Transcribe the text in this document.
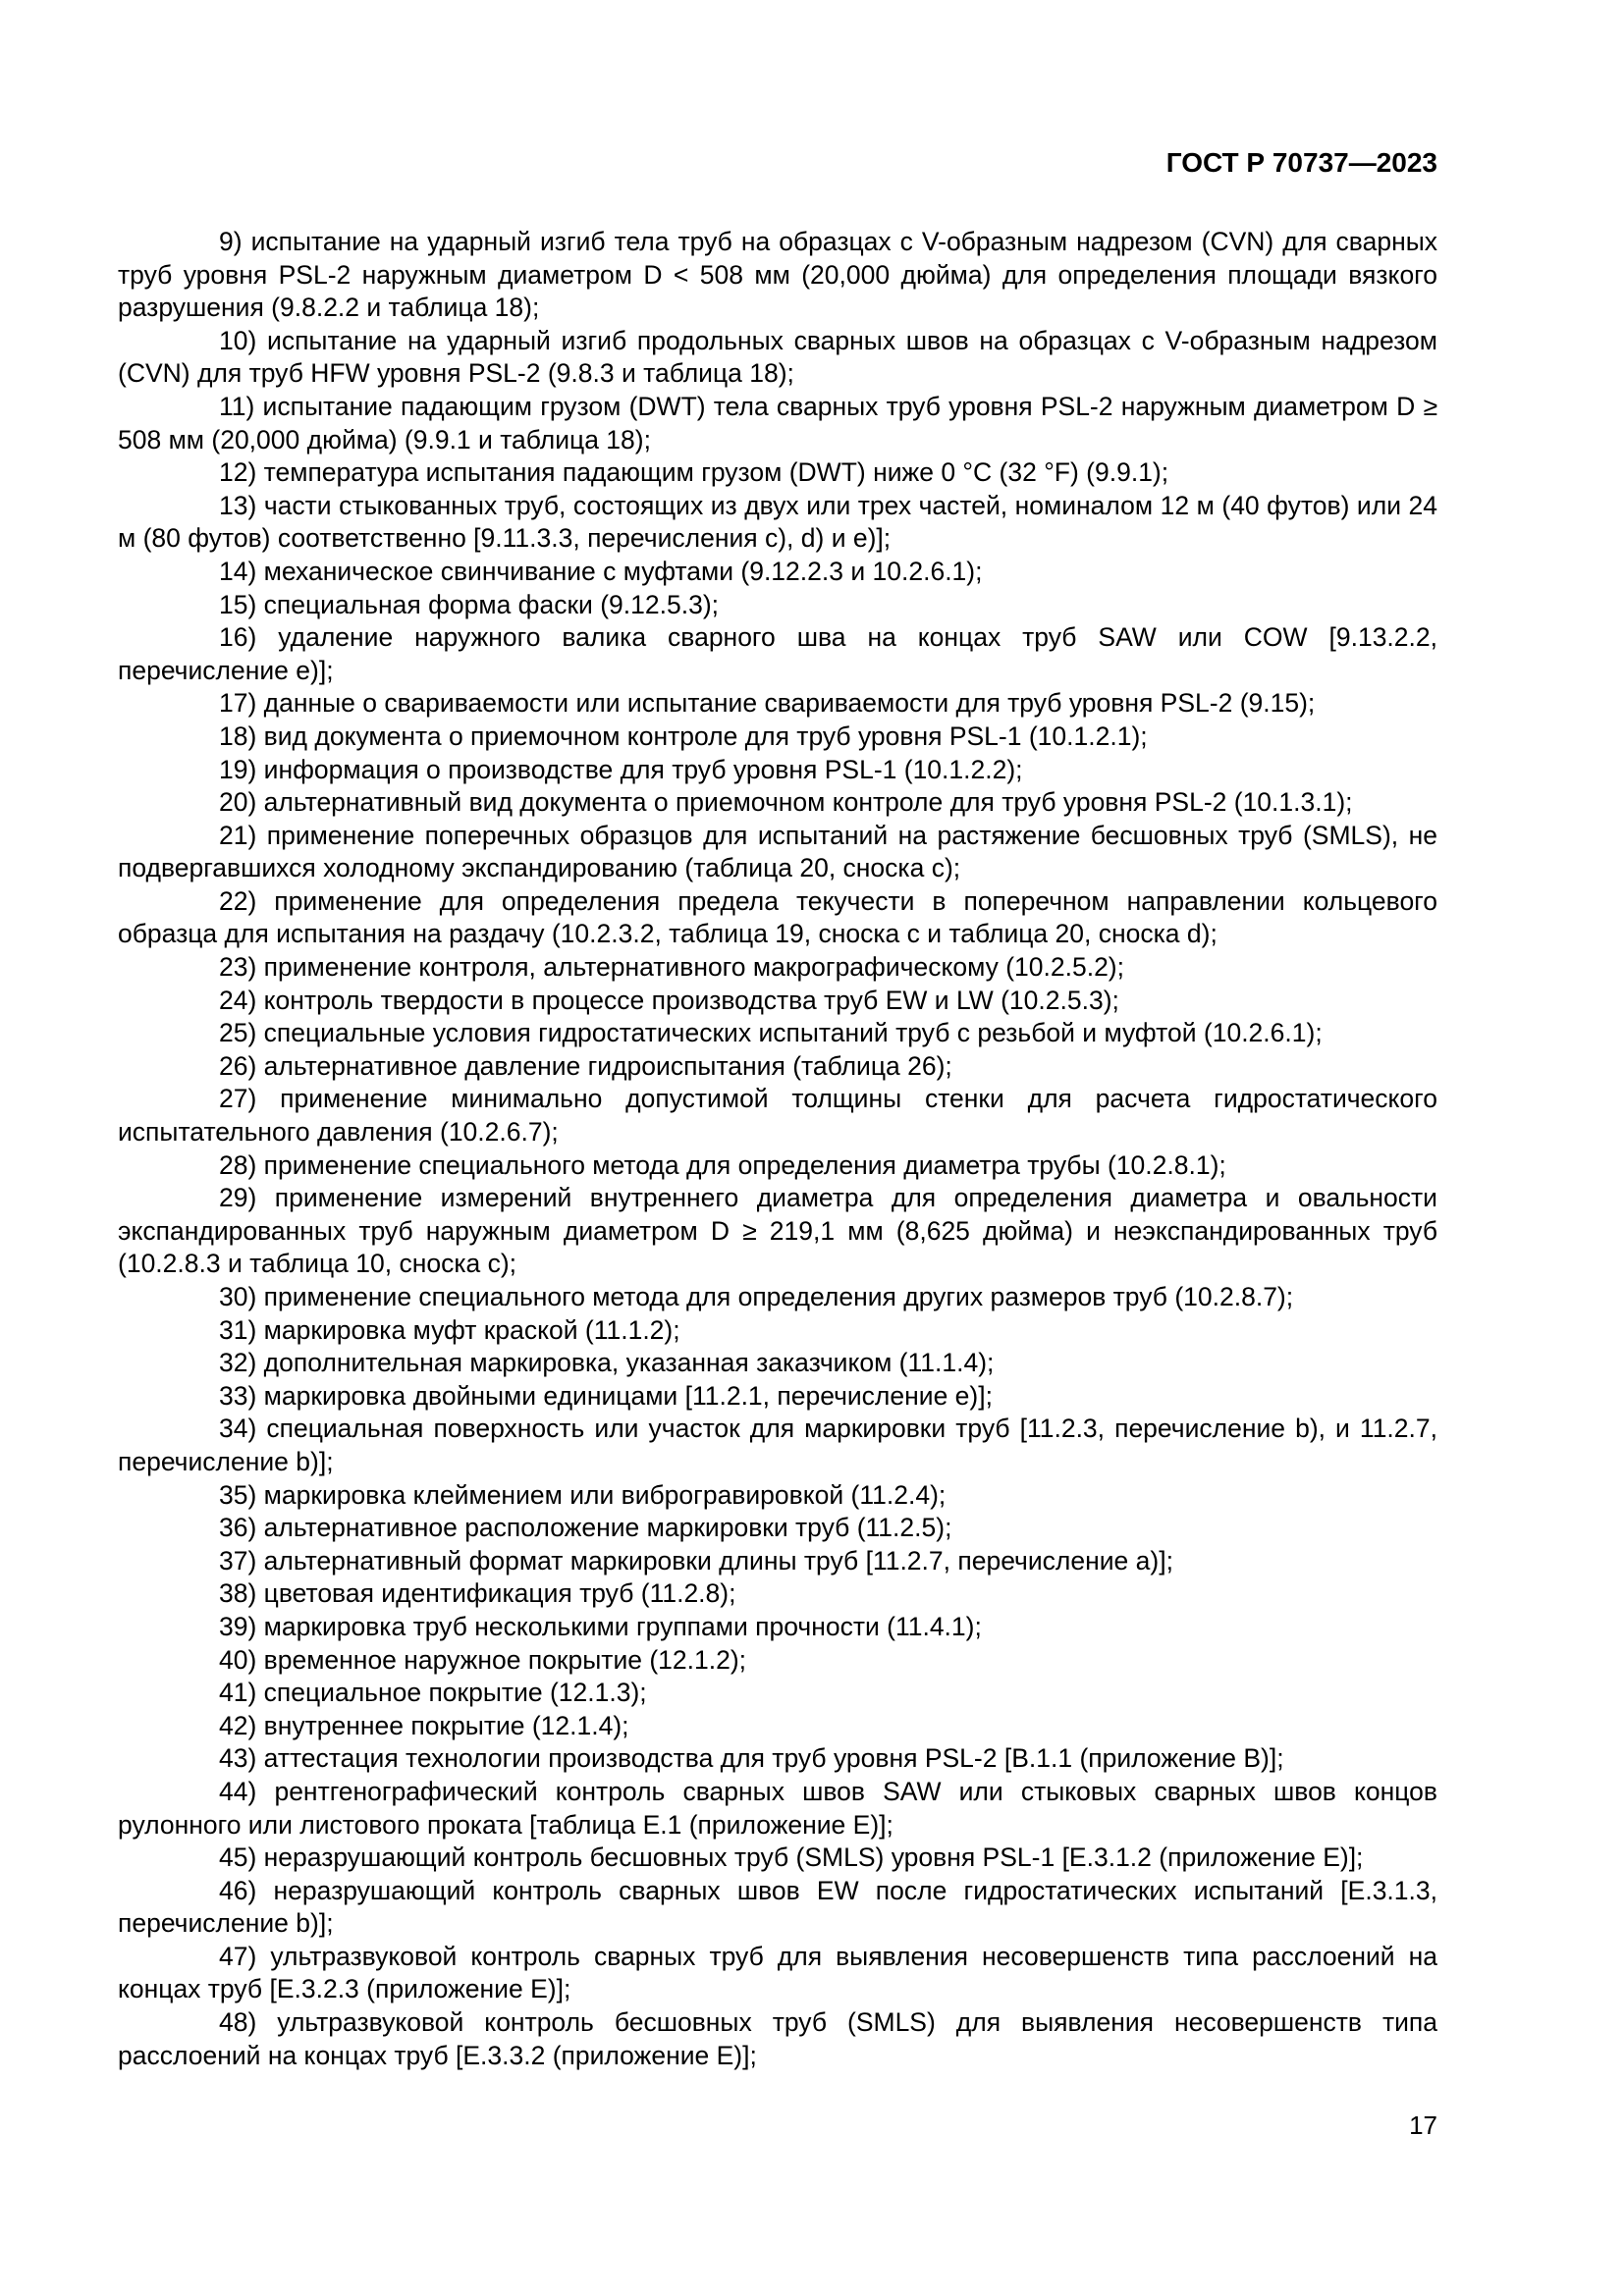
ГОСТ Р 70737—2023

9) испытание на ударный изгиб тела труб на образцах с V-образным надрезом (CVN) для сварных труб уровня PSL-2 наружным диаметром D < 508 мм (20,000 дюйма) для определения площади вязкого разрушения (9.8.2.2 и таблица 18);

10) испытание на ударный изгиб продольных сварных швов на образцах с V-образным надрезом (CVN) для труб HFW уровня PSL-2 (9.8.3 и таблица 18);

11) испытание падающим грузом (DWT) тела сварных труб уровня PSL-2 наружным диаметром D ≥ 508 мм (20,000 дюйма) (9.9.1 и таблица 18);

12) температура испытания падающим грузом (DWT) ниже 0 °C (32 °F) (9.9.1);

13) части стыкованных труб, состоящих из двух или трех частей, номиналом 12 м (40 футов) или 24 м (80 футов) соответственно [9.11.3.3, перечисления c), d) и e)];

14) механическое свинчивание с муфтами (9.12.2.3 и 10.2.6.1);

15) специальная форма фаски (9.12.5.3);

16) удаление наружного валика сварного шва на концах труб SAW или COW [9.13.2.2, перечисление e)];

17) данные о свариваемости или испытание свариваемости для труб уровня PSL-2 (9.15);

18) вид документа о приемочном контроле для труб уровня PSL-1 (10.1.2.1);

19) информация о производстве для труб уровня PSL-1 (10.1.2.2);

20) альтернативный вид документа о приемочном контроле для труб уровня PSL-2 (10.1.3.1);

21) применение поперечных образцов для испытаний на растяжение бесшовных труб (SMLS), не подвергавшихся холодному экспандированию (таблица 20, сноска c);

22) применение для определения предела текучести в поперечном направлении кольцевого образца для испытания на раздачу (10.2.3.2, таблица 19, сноска c и таблица 20, сноска d);

23) применение контроля, альтернативного макрографическому (10.2.5.2);

24) контроль твердости в процессе производства труб EW и LW (10.2.5.3);

25) специальные условия гидростатических испытаний труб с резьбой и муфтой (10.2.6.1);

26) альтернативное давление гидроиспытания (таблица 26);

27) применение минимально допустимой толщины стенки для расчета гидростатического испытательного давления (10.2.6.7);

28) применение специального метода для определения диаметра трубы (10.2.8.1);

29) применение измерений внутреннего диаметра для определения диаметра и овальности экспандированных труб наружным диаметром D ≥ 219,1 мм (8,625 дюйма) и неэкспандированных труб (10.2.8.3 и таблица 10, сноска c);

30) применение специального метода для определения других размеров труб (10.2.8.7);

31) маркировка муфт краской (11.1.2);

32) дополнительная маркировка, указанная заказчиком (11.1.4);

33) маркировка двойными единицами [11.2.1, перечисление e)];

34) специальная поверхность или участок для маркировки труб [11.2.3, перечисление b), и 11.2.7, перечисление b)];

35) маркировка клеймением или виброгравировкой (11.2.4);

36) альтернативное расположение маркировки труб (11.2.5);

37) альтернативный формат маркировки длины труб [11.2.7, перечисление a)];

38) цветовая идентификация труб (11.2.8);

39) маркировка труб несколькими группами прочности (11.4.1);

40) временное наружное покрытие (12.1.2);

41) специальное покрытие (12.1.3);

42) внутреннее покрытие (12.1.4);

43) аттестация технологии производства для труб уровня PSL-2 [B.1.1 (приложение B)];

44) рентгенографический контроль сварных швов SAW или стыковых сварных швов концов рулонного или листового проката [таблица E.1 (приложение E)];

45) неразрушающий контроль бесшовных труб (SMLS) уровня PSL-1 [E.3.1.2 (приложение E)];

46) неразрушающий контроль сварных швов EW после гидростатических испытаний [E.3.1.3, перечисление b)];

47) ультразвуковой контроль сварных труб для выявления несовершенств типа расслоений на концах труб [E.3.2.3 (приложение E)];

48) ультразвуковой контроль бесшовных труб (SMLS) для выявления несовершенств типа расслоений на концах труб [E.3.3.2 (приложение E)];

17
